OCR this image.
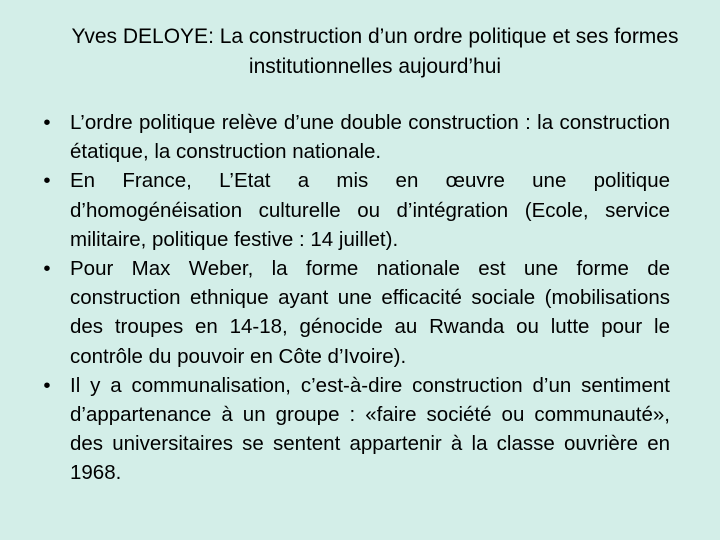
Yves DELOYE: La construction d’un ordre politique et ses formes institutionnelles aujourd’hui
• L’ordre politique relève d’une double construction : la construction étatique, la construction nationale.
• En France, L’Etat a mis en œuvre une politique d’homogénéisation culturelle ou d’intégration (Ecole, service militaire, politique festive : 14 juillet).
• Pour Max Weber, la forme nationale est une forme de construction ethnique ayant une efficacité sociale (mobilisations des troupes en 14-18, génocide au Rwanda ou lutte pour le contrôle du pouvoir en Côte d’Ivoire).
• Il y a communalisation, c’est-à-dire construction d’un sentiment d’appartenance à un groupe : «faire société ou communauté», des universitaires se sentent appartenir à la classe ouvrière en 1968.
